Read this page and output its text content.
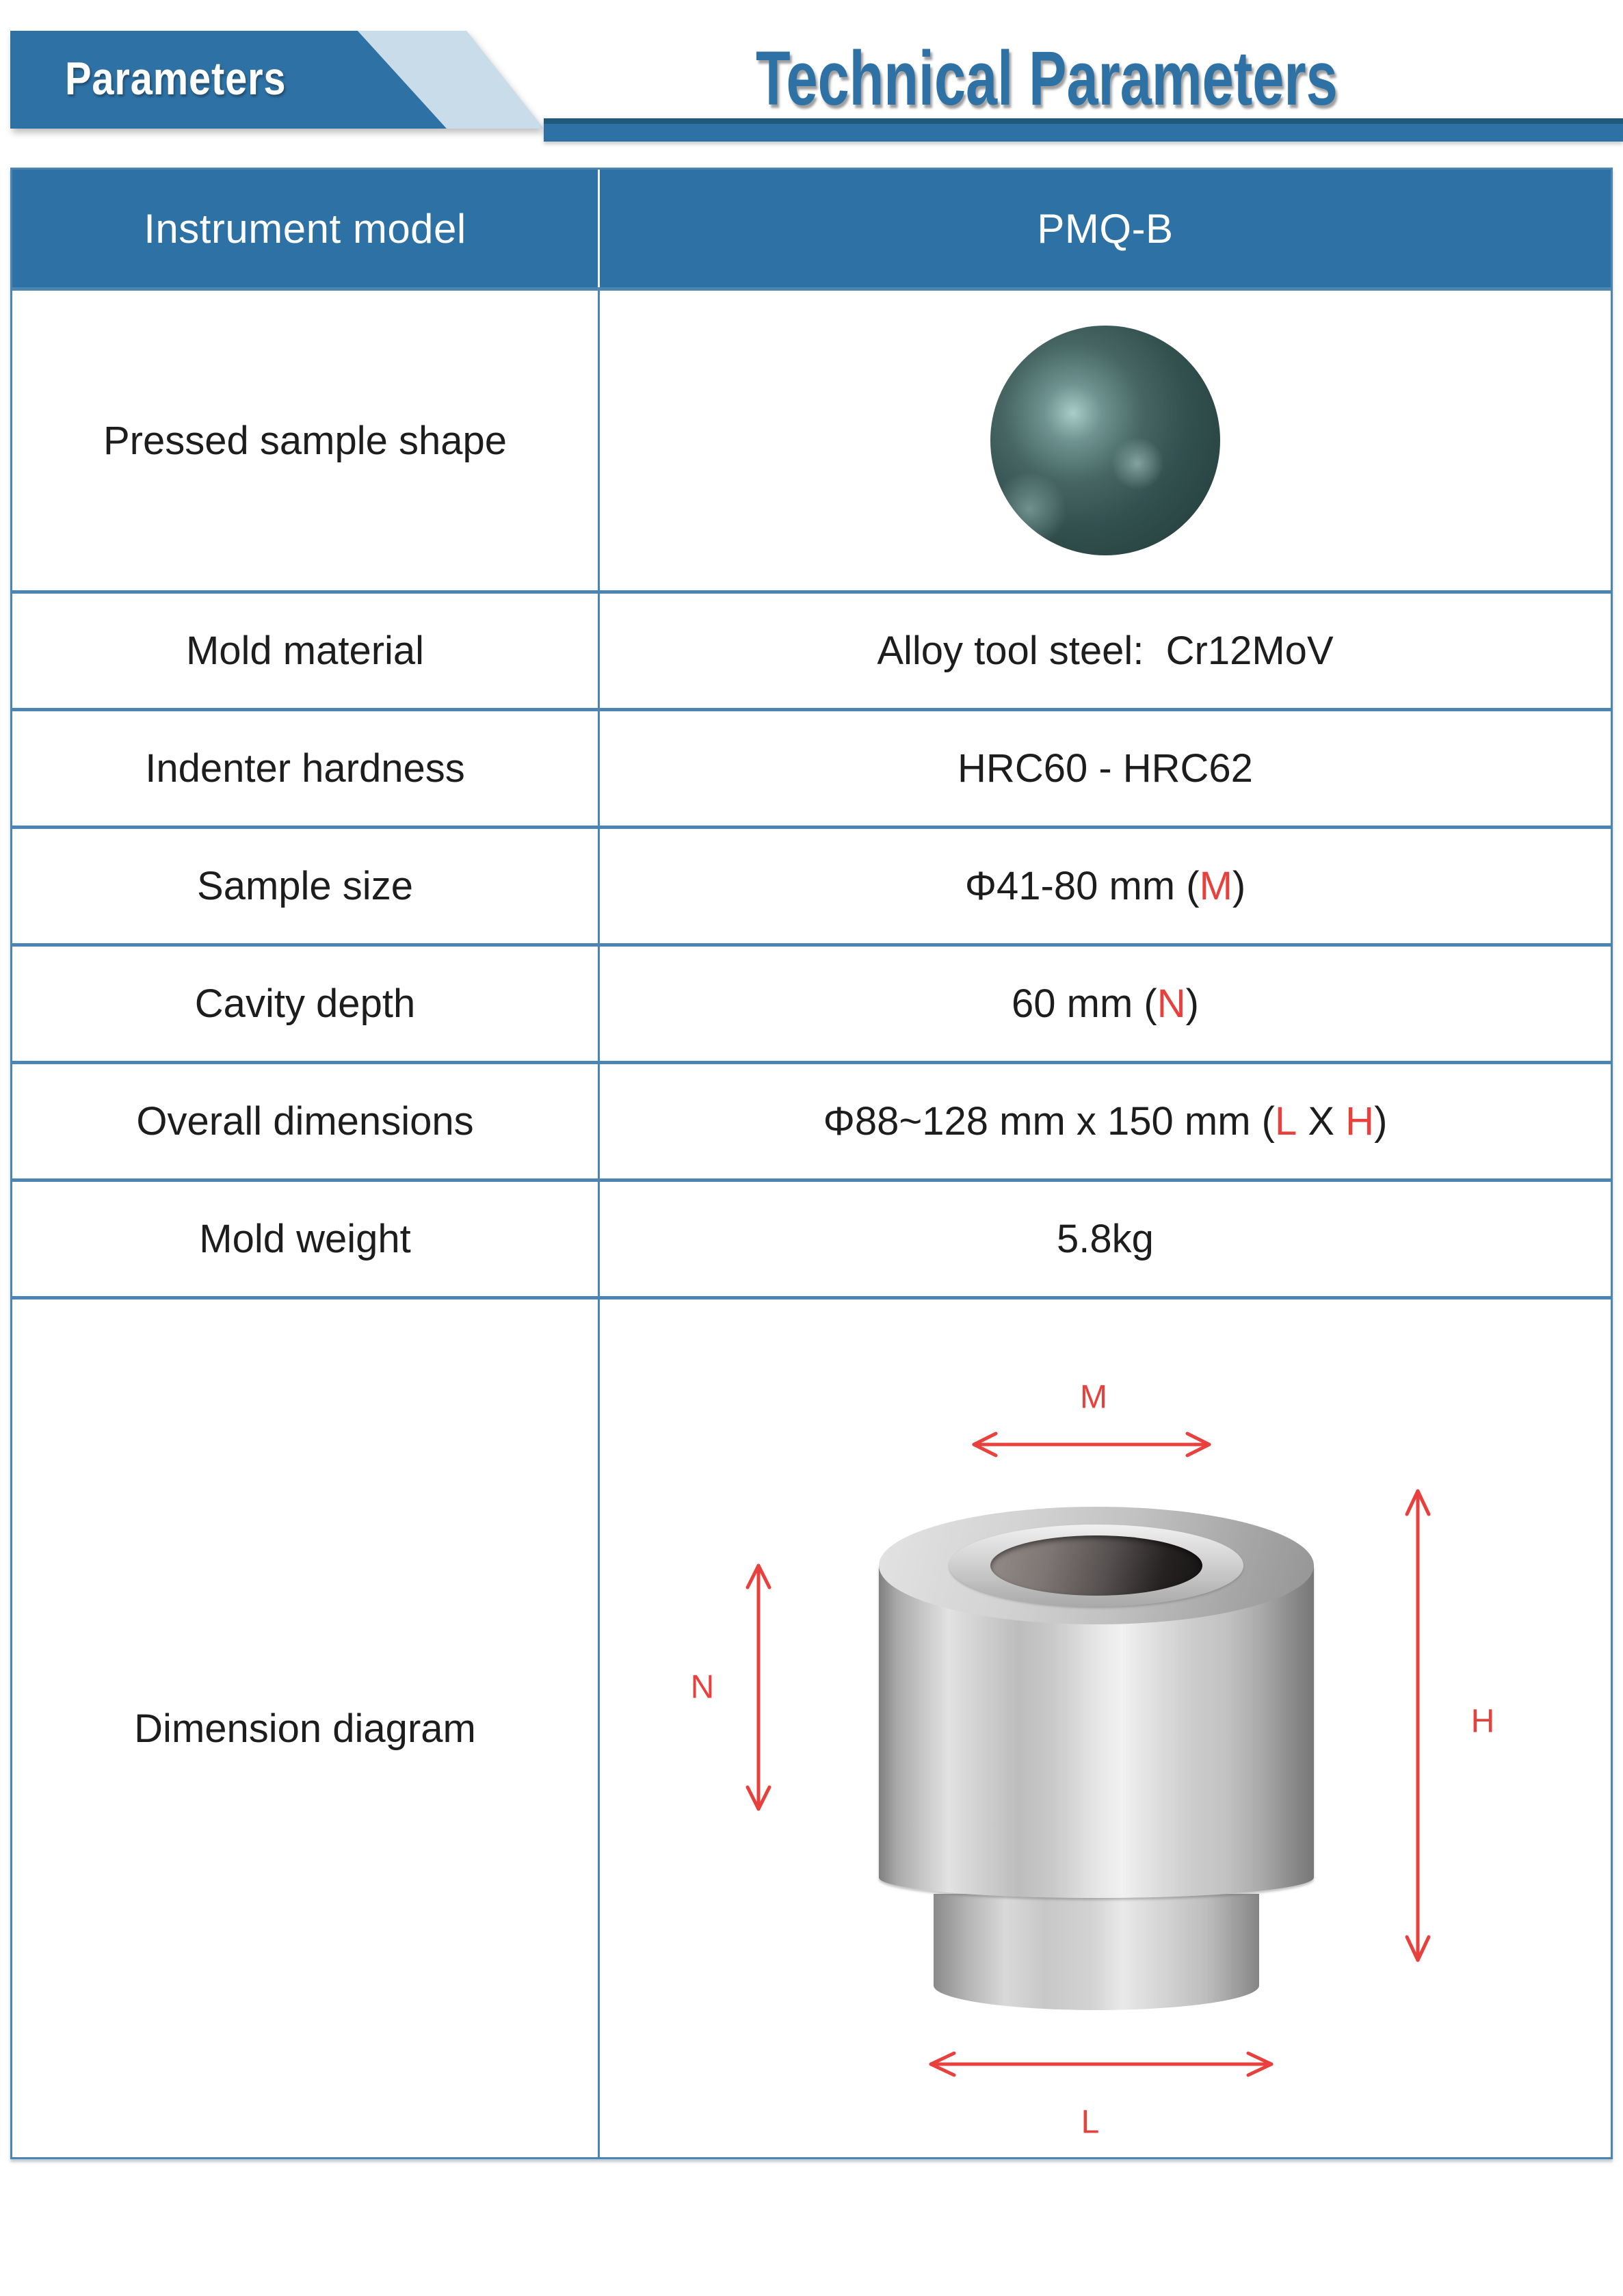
Parameters	Technical Parameters
Instrument model	PMQ-B
Pressed sample shape
Mold material	Alloy tool steel:  Cr12MoV
Indenter hardness	HRC60 - HRC62
Sample size	Φ41-80 mm ( M )
Cavity depth	60 mm ( N )
Overall dimensions	Φ88~128 mm x 150 mm ( L X H )
Mold weight	5.8kg
Dimension diagram
M
N
H
L
